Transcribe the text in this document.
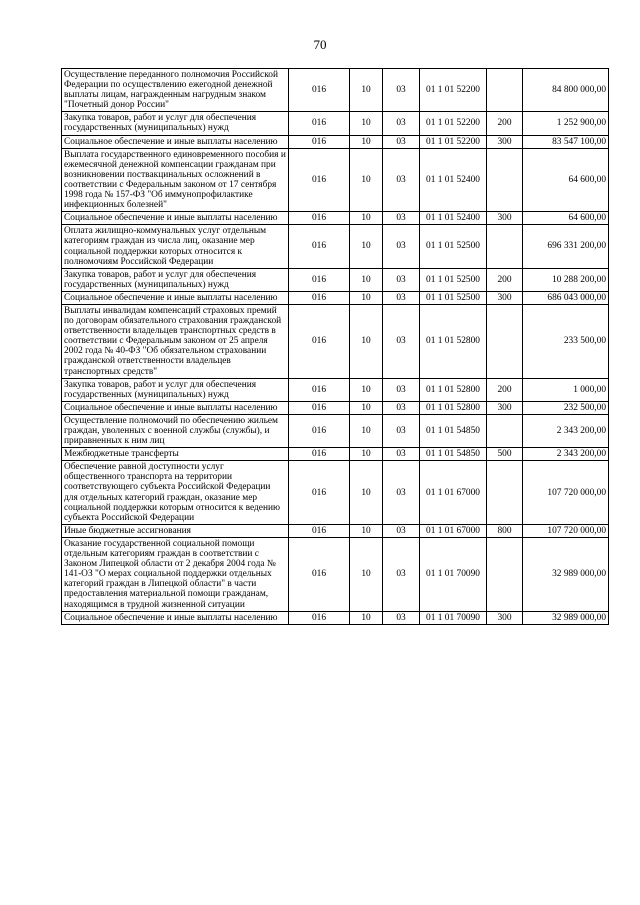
70
Осуществление переданного полномочия Российской Федерации по осуществлению ежегодной денежной выплаты лицам, награжденным нагрудным знаком "Почетный донор России"	016	10	03	01 1 01 52200		84 800 000,00
Закупка товаров, работ и услуг для обеспечения государственных (муниципальных) нужд	016	10	03	01 1 01 52200	200	1 252 900,00
Социальное обеспечение и иные выплаты населению	016	10	03	01 1 01 52200	300	83 547 100,00
Выплата государственного единовременного пособия и ежемесячной денежной компенсации гражданам при возникновении поствакцинальных осложнений в соответствии с Федеральным законом от 17 сентября 1998 года № 157-ФЗ "Об иммунопрофилактике инфекционных болезней"	016	10	03	01 1 01 52400		64 600,00
Социальное обеспечение и иные выплаты населению	016	10	03	01 1 01 52400	300	64 600,00
Оплата жилищно-коммунальных услуг отдельным категориям граждан из числа лиц, оказание мер социальной поддержки которых относится к полномочиям Российской Федерации	016	10	03	01 1 01 52500		696 331 200,00
Закупка товаров, работ и услуг для обеспечения государственных (муниципальных) нужд	016	10	03	01 1 01 52500	200	10 288 200,00
Социальное обеспечение и иные выплаты населению	016	10	03	01 1 01 52500	300	686 043 000,00
Выплаты инвалидам компенсаций страховых премий по договорам обязательного страхования гражданской ответственности владельцев транспортных средств в соответствии с Федеральным законом от 25 апреля 2002 года № 40-ФЗ "Об обязательном страховании гражданской ответственности владельцев транспортных средств"	016	10	03	01 1 01 52800		233 500,00
Закупка товаров, работ и услуг для обеспечения государственных (муниципальных) нужд	016	10	03	01 1 01 52800	200	1 000,00
Социальное обеспечение и иные выплаты населению	016	10	03	01 1 01 52800	300	232 500,00
Осуществление полномочий по обеспечению жильем граждан, уволенных с военной службы (службы), и приравненных к ним лиц	016	10	03	01 1 01 54850		2 343 200,00
Межбюджетные трансферты	016	10	03	01 1 01 54850	500	2 343 200,00
Обеспечение равной доступности услуг общественного транспорта на территории соответствующего субъекта Российской Федерации для отдельных категорий граждан, оказание мер социальной поддержки которым относится к ведению субъекта Российской Федерации	016	10	03	01 1 01 67000		107 720 000,00
Иные бюджетные ассигнования	016	10	03	01 1 01 67000	800	107 720 000,00
Оказание государственной социальной помощи отдельным категориям граждан в соответствии с Законом Липецкой области от 2 декабря 2004 года № 141-ОЗ "О мерах социальной поддержки отдельных категорий граждан в Липецкой области" в части предоставления материальной помощи гражданам, находящимся в трудной жизненной ситуации	016	10	03	01 1 01 70090		32 989 000,00
Социальное обеспечение и иные выплаты населению	016	10	03	01 1 01 70090	300	32 989 000,00
